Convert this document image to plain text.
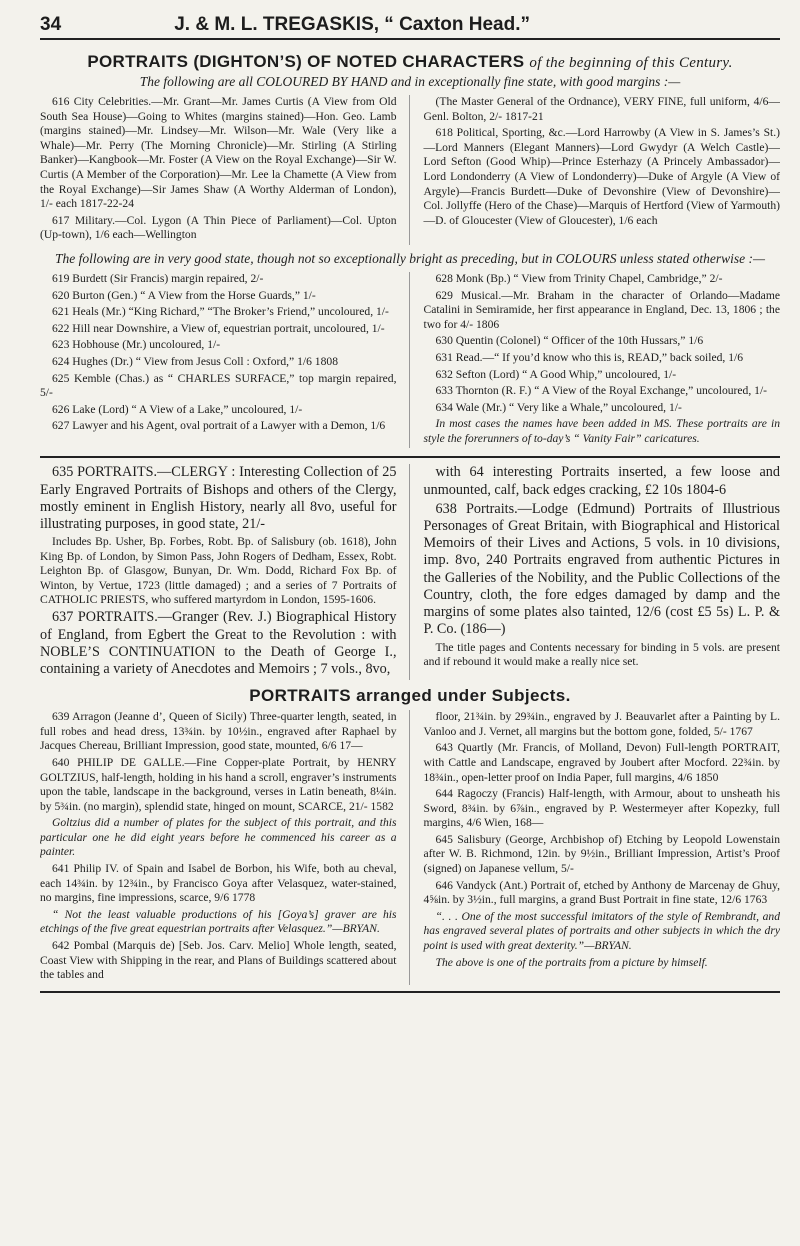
34	J. & M. L. TREGASKIS, “ Caxton Head.”
PORTRAITS (DIGHTON’S) OF NOTED CHARACTERS of the beginning of this Century.
The following are all COLOURED BY HAND and in exceptionally fine state, with good margins :—

616 City Celebrities.—Mr. Grant—Mr. James Curtis (A View from Old South Sea House)—Going to Whites (margins stained)—Hon. Geo. Lamb (margins stained)—Mr. Lindsey—Mr. Wilson—Mr. Wale (Very like a Whale)—Mr. Perry (The Morning Chronicle)—Mr. Stirling (A Stirling Banker)—Kangbook—Mr. Foster (A View on the Royal Exchange)—Sir W. Curtis (A Member of the Corporation)—Mr. Lee la Chamette (A View from the Royal Exchange)—Sir James Shaw (A Worthy Alderman of London), 1/- each 1817-22-24

617 Military.—Col. Lygon (A Thin Piece of Parliament)—Col. Upton (Up-town), 1/6 each—Wellington

(The Master General of the Ordnance), VERY FINE, full uniform, 4/6—Genl. Bolton, 2/- 1817-21

618 Political, Sporting, &c.—Lord Harrowby (A View in S. James’s St.)—Lord Manners (Elegant Manners)—Lord Gwydyr (A Welch Castle)—Lord Sefton (Good Whip)—Prince Esterhazy (A Princely Ambassador)—Lord Londonderry (A View of Londonderry)—Duke of Argyle (A View of Argyle)—Francis Burdett—Duke of Devonshire (View of Devonshire)—Col. Jollyffe (Hero of the Chase)—Marquis of Hertford (View of Yarmouth)—D. of Gloucester (View of Gloucester), 1/6 each

The following are in very good state, though not so exceptionally bright as preceding, but in COLOURS unless stated otherwise :—

619 Burdett (Sir Francis) margin repaired, 2/-

620 Burton (Gen.) “ A View from the Horse Guards,” 1/-

621 Heals (Mr.) “King Richard,” “The Broker’s Friend,” uncoloured, 1/-

622 Hill near Downshire, a View of, equestrian portrait, uncoloured, 1/-

623 Hobhouse (Mr.) uncoloured, 1/-

624 Hughes (Dr.) “ View from Jesus Coll : Oxford,” 1/6 1808

625 Kemble (Chas.) as “ CHARLES SURFACE,” top margin repaired, 5/-

626 Lake (Lord) “ A View of a Lake,” uncoloured, 1/-

627 Lawyer and his Agent, oval portrait of a Lawyer with a Demon, 1/6

628 Monk (Bp.) “ View from Trinity Chapel, Cambridge,” 2/-

629 Musical.—Mr. Braham in the character of Orlando—Madame Catalini in Semiramide, her first appearance in England, Dec. 13, 1806 ; the two for 4/- 1806

630 Quentin (Colonel) “ Officer of the 10th Hussars,” 1/6

631 Read.—“ If you’d know who this is, READ,” back soiled, 1/6

632 Sefton (Lord) “ A Good Whip,” uncoloured, 1/-

633 Thornton (R. F.) “ A View of the Royal Exchange,” uncoloured, 1/-

634 Wale (Mr.) “ Very like a Whale,” uncoloured, 1/-

In most cases the names have been added in MS. These portraits are in style the forerunners of to-day’s “ Vanity Fair” caricatures.

635 PORTRAITS.—CLERGY : Interesting Collection of 25 Early Engraved Portraits of Bishops and others of the Clergy, mostly eminent in English History, nearly all 8vo, useful for illustrating purposes, in good state, 21/-

Includes Bp. Usher, Bp. Forbes, Robt. Bp. of Salisbury (ob. 1618), John King Bp. of London, by Simon Pass, John Rogers of Dedham, Essex, Robt. Leighton Bp. of Glasgow, Bunyan, Dr. Wm. Dodd, Richard Fox Bp. of Winton, by Vertue, 1723 (little damaged) ; and a series of 7 Portraits of CATHOLIC PRIESTS, who suffered martyrdom in London, 1595-1606.

637 PORTRAITS.—Granger (Rev. J.) Biographical History of England, from Egbert the Great to the Revolution : with NOBLE’S CONTINUATION to the Death of George I., containing a variety of Anecdotes and Memoirs ; 7 vols., 8vo,

with 64 interesting Portraits inserted, a few loose and unmounted, calf, back edges cracking, £2 10s 1804-6

638 Portraits.—Lodge (Edmund) Portraits of Illustrious Personages of Great Britain, with Biographical and Historical Memoirs of their Lives and Actions, 5 vols. in 10 divisions, imp. 8vo, 240 Portraits engraved from authentic Pictures in the Galleries of the Nobility, and the Public Collections of the Country, cloth, the fore edges damaged by damp and the margins of some plates also tainted, 12/6 (cost £5 5s) L. P. & P. Co. (186—)

The title pages and Contents necessary for binding in 5 vols. are present and if rebound it would make a really nice set.

PORTRAITS arranged under Subjects.

639 Arragon (Jeanne d’, Queen of Sicily) Three-quarter length, seated, in full robes and head dress, 13¾in. by 10½in., engraved after Raphael by Jacques Chereau, Brilliant Impression, good state, mounted, 6/6 17—

640 PHILIP DE GALLE.—Fine Copper-plate Portrait, by HENRY GOLTZIUS, half-length, holding in his hand a scroll, engraver’s instruments upon the table, landscape in the background, verses in Latin beneath, 8¼in. by 5¾in. (no margin), splendid state, hinged on mount, SCARCE, 21/- 1582

Goltzius did a number of plates for the subject of this portrait, and this particular one he did eight years before he commenced his career as a painter.

641 Philip IV. of Spain and Isabel de Borbon, his Wife, both au cheval, each 14¾in. by 12¾in., by Francisco Goya after Velasquez, water-stained, no margins, fine impressions, scarce, 9/6 1778

“ Not the least valuable productions of his [Goya’s] graver are his etchings of the five great equestrian portraits after Velasquez.”—BRYAN.

642 Pombal (Marquis de) [Seb. Jos. Carv. Melio] Whole length, seated, Coast View with Shipping in the rear, and Plans of Buildings scattered about the tables and

floor, 21¾in. by 29¾in., engraved by J. Beauvarlet after a Painting by L. Vanloo and J. Vernet, all margins but the bottom gone, folded, 5/- 1767

643 Quartly (Mr. Francis, of Molland, Devon) Full-length PORTRAIT, with Cattle and Landscape, engraved by Joubert after Mocford. 22¾in. by 18¾in., open-letter proof on India Paper, full margins, 4/6 1850

644 Ragoczy (Francis) Half-length, with Armour, about to unsheath his Sword, 8¾in. by 6⅞in., engraved by P. Westermeyer after Kopezky, full margins, 4/6 Wien, 168—

645 Salisbury (George, Archbishop of) Etching by Leopold Lowenstain after W. B. Richmond, 12in. by 9½in., Brilliant Impression, Artist’s Proof (signed) on Japanese vellum, 5/-

646 Vandyck (Ant.) Portrait of, etched by Anthony de Marcenay de Ghuy, 4⅝in. by 3½in., full margins, a grand Bust Portrait in fine state, 12/6 1763

“. . . One of the most successful imitators of the style of Rembrandt, and has engraved several plates of portraits and other subjects in which the dry point is used with great dexterity.”—BRYAN.

The above is one of the portraits from a picture by himself.
